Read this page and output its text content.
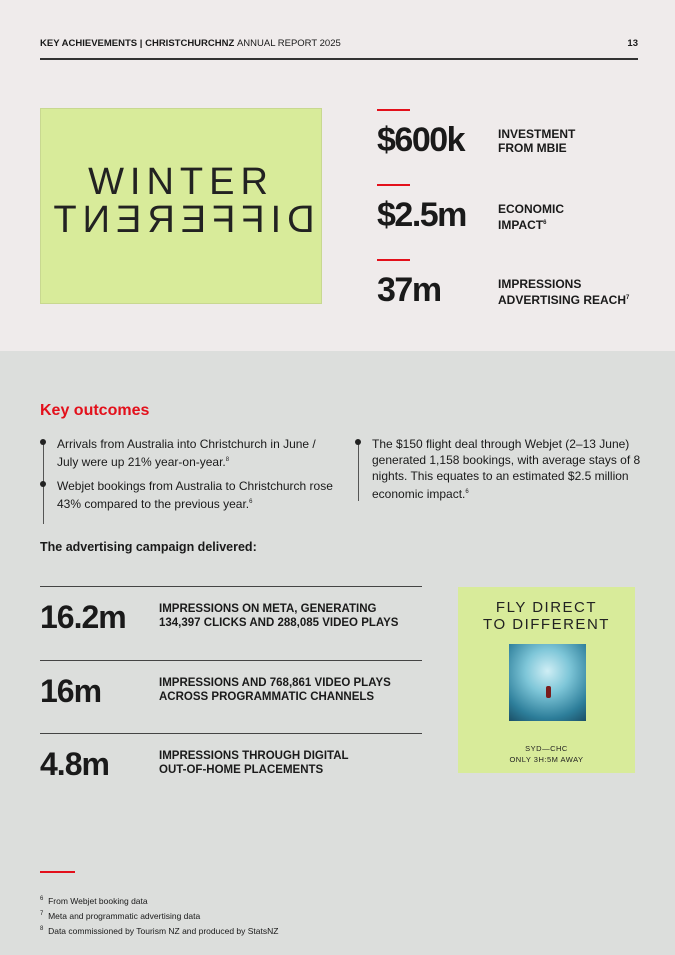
KEY ACHIEVEMENTS | CHRISTCHURCHNZ ANNUAL REPORT 2025	13
WINTER
DIFFERENT
$600k	INVESTMENT
FROM MBIE
$2.5m	ECONOMIC
IMPACT$^6$
37m	IMPRESSIONS
ADVERTISING REACH$^7$
Key outcomes
Arrivals from Australia into Christchurch in June / July were up 21% year-on-year.$^8$
Webjet bookings from Australia to Christchurch rose 43% compared to the previous year.$^6$
The $150 flight deal through Webjet (2–13 June) generated 1,158 bookings, with average stays of 8 nights. This equates to an estimated $2.5 million economic impact.$^6$
The advertising campaign delivered:
16.2m	IMPRESSIONS ON META, GENERATING
134,397 CLICKS AND 288,085 VIDEO PLAYS
16m	IMPRESSIONS AND 768,861 VIDEO PLAYS
ACROSS PROGRAMMATIC CHANNELS
4.8m	IMPRESSIONS THROUGH DIGITAL
OUT-OF-HOME PLACEMENTS
FLY DIRECT
TO DIFFERENT
SYD—CHC
ONLY 3H:5M AWAY
$^6$ From Webjet booking data
$^7$ Meta and programmatic advertising data
$^8$ Data commissioned by Tourism NZ and produced by StatsNZ
